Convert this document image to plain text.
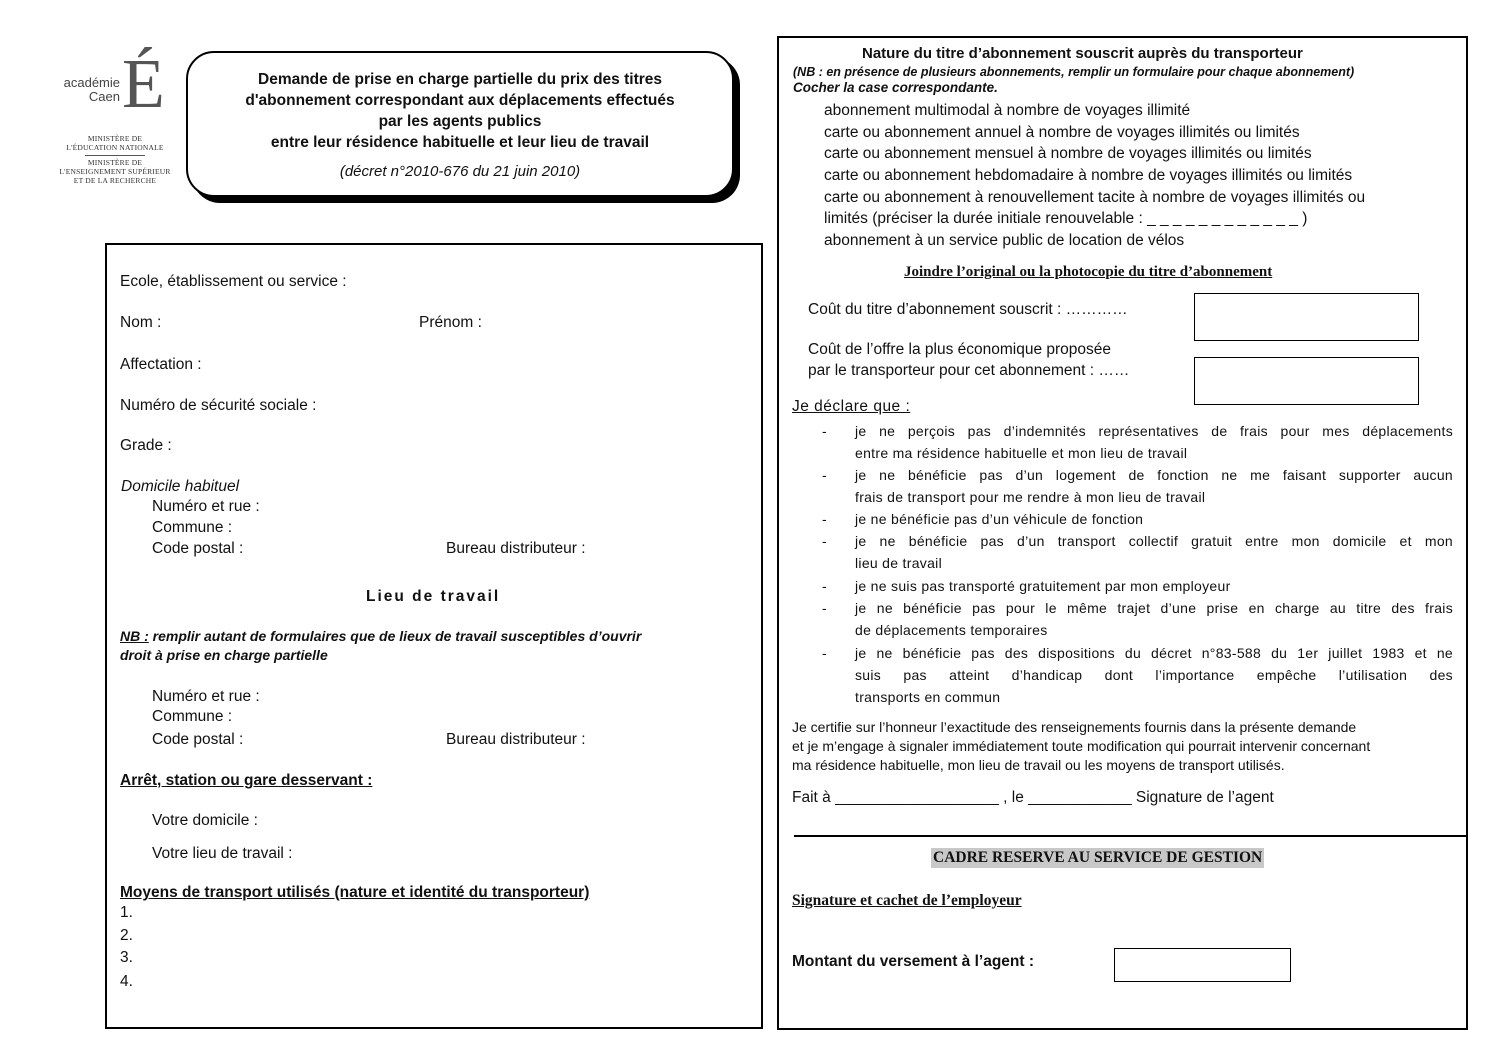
académie
Caen É
MINISTÈRE DE
L'ÉDUCATION NATIONALE
MINISTÈRE DE
L'ENSEIGNEMENT SUPÉRIEUR
ET DE LA RECHERCHE
Demande de prise en charge partielle du prix des titres
d'abonnement correspondant aux déplacements effectués
par les agents publics
entre leur résidence habituelle et leur lieu de travail
(décret n°2010-676 du 21 juin 2010)
Ecole, établissement ou service :
Nom :	Prénom :
Affectation :
Numéro de sécurité sociale :
Grade :
Domicile habituel
Numéro et rue :
Commune :
Code postal :	Bureau distributeur :
Lieu de travail
NB : remplir autant de formulaires que de lieux de travail susceptibles d’ouvrir
droit à prise en charge partielle
Numéro et rue :
Commune :
Code postal :	Bureau distributeur :
Arrêt, station ou gare desservant :
Votre domicile :
Votre lieu de travail :
Moyens de transport utilisés (nature et identité du transporteur)
1.
2.
3.
4.
Nature du titre d’abonnement souscrit auprès du transporteur
(NB : en présence de plusieurs abonnements, remplir un formulaire pour chaque abonnement)
Cocher la case correspondante.
abonnement multimodal à nombre de voyages illimité
carte ou abonnement annuel à nombre de voyages illimités ou limités
carte ou abonnement mensuel à nombre de voyages illimités ou limités
carte ou abonnement hebdomadaire à nombre de voyages illimités ou limités
carte ou abonnement à renouvellement tacite à nombre de voyages illimités ou
limités (préciser la durée initiale renouvelable : _ _ _ _ _ _ _ _ _ _ _ _ )
abonnement à un service public de location de vélos
Joindre l’original ou la photocopie du titre d’abonnement
Coût du titre d’abonnement souscrit : …………
Coût de l’offre la plus économique proposée
par le transporteur pour cet abonnement : ……
Je déclare que :
- je ne perçois pas d’indemnités représentatives de frais pour mes déplacements
entre ma résidence habituelle et mon lieu de travail
- je ne bénéficie pas d’un logement de fonction ne me faisant supporter aucun
frais de transport pour me rendre à mon lieu de travail
- je ne bénéficie pas d’un véhicule de fonction
- je ne bénéficie pas d’un transport collectif gratuit entre mon domicile et mon
lieu de travail
- je ne suis pas transporté gratuitement par mon employeur
- je ne bénéficie pas pour le même trajet d’une prise en charge au titre des frais
de déplacements temporaires
- je ne bénéficie pas des dispositions du décret n°83-588 du 1er juillet 1983 et ne
suis pas atteint d’handicap dont l’importance empêche l’utilisation des
transports en commun
Je certifie sur l’honneur l’exactitude des renseignements fournis dans la présente demande
et je m’engage à signaler immédiatement toute modification qui pourrait intervenir concernant
ma résidence habituelle, mon lieu de travail ou les moyens de transport utilisés.
Fait à ___________________ , le ____________ Signature de l’agent
CADRE RESERVE AU SERVICE DE GESTION
Signature et cachet de l’employeur
Montant du versement à l’agent :
